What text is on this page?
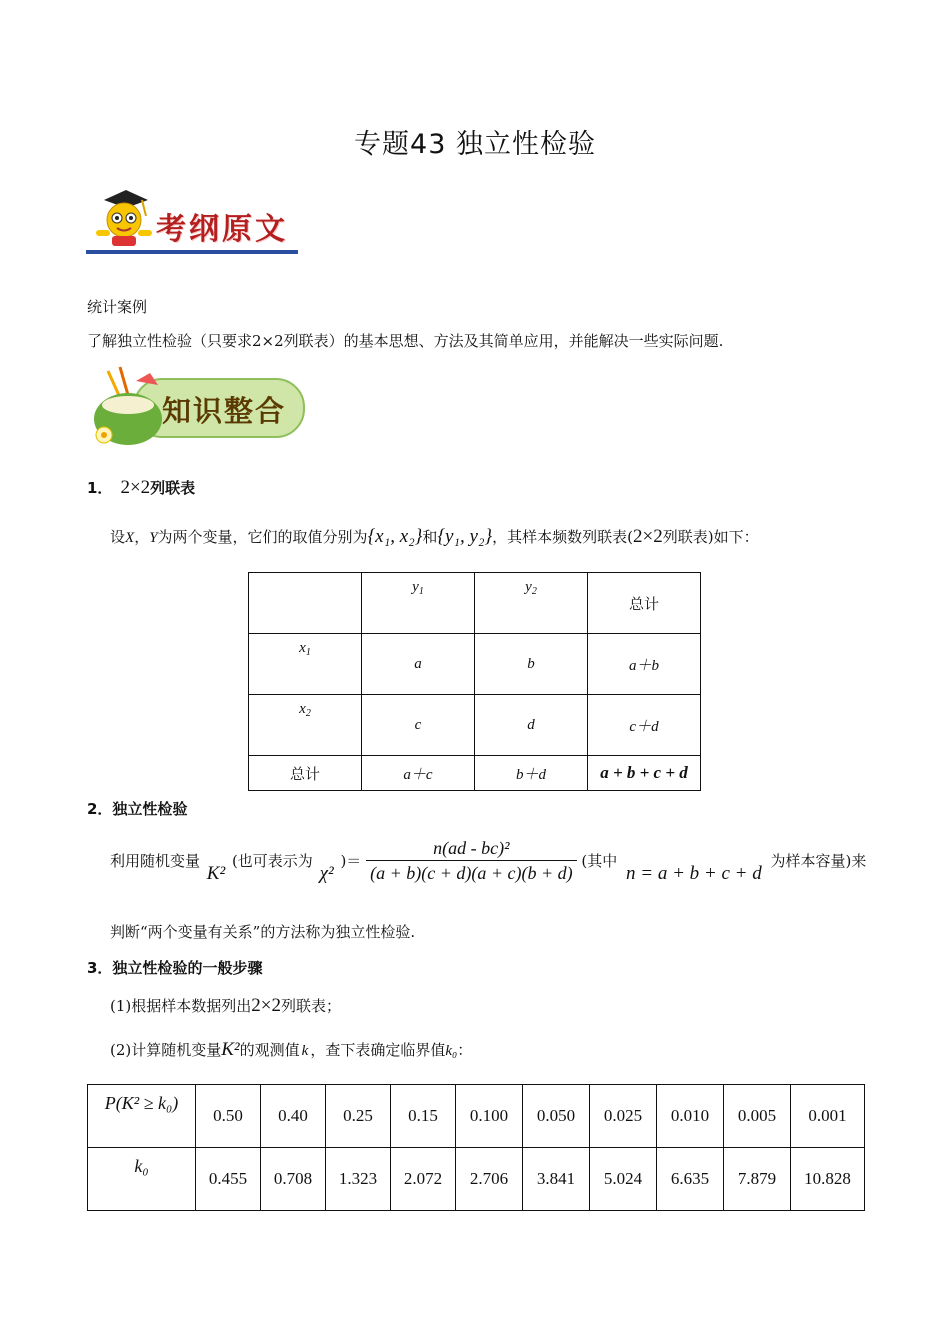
专题43 独立性检验
考纲原文
统计案例
了解独立性检验（只要求2×2列联表）的基本思想、方法及其简单应用，并能解决一些实际问题.
知识整合
1． 2×2列联表
设X，Y为两个变量，它们的取值分别为{x₁, x₂}和{y₁, y₂}，其样本频数列联表(2×2列联表)如下：
	$y_1$	$y_2$	总计
$x_1$	a	b	a＋b
$x_2$	c	d	c＋d
总计	a＋c	b＋d	a + b + c + d
2．独立性检验
利用随机变量 K² (也可表示为 χ² )＝ $\frac{\text{n(ad - bc)²}}{(a + b)(c + d)(a + c)(b + d)}$ (其中 n = a + b + c + d 为样本容量)来
判断“两个变量有关系”的方法称为独立性检验.
3．独立性检验的一般步骤
(1)根据样本数据列出2×2列联表；
(2)计算随机变量K²的观测值 k ，查下表确定临界值k₀：
P(K² ≥ k₀)	0.50	0.40	0.25	0.15	0.100	0.050	0.025	0.010	0.005	0.001
k₀	0.455	0.708	1.323	2.072	2.706	3.841	5.024	6.635	7.879	10.828
